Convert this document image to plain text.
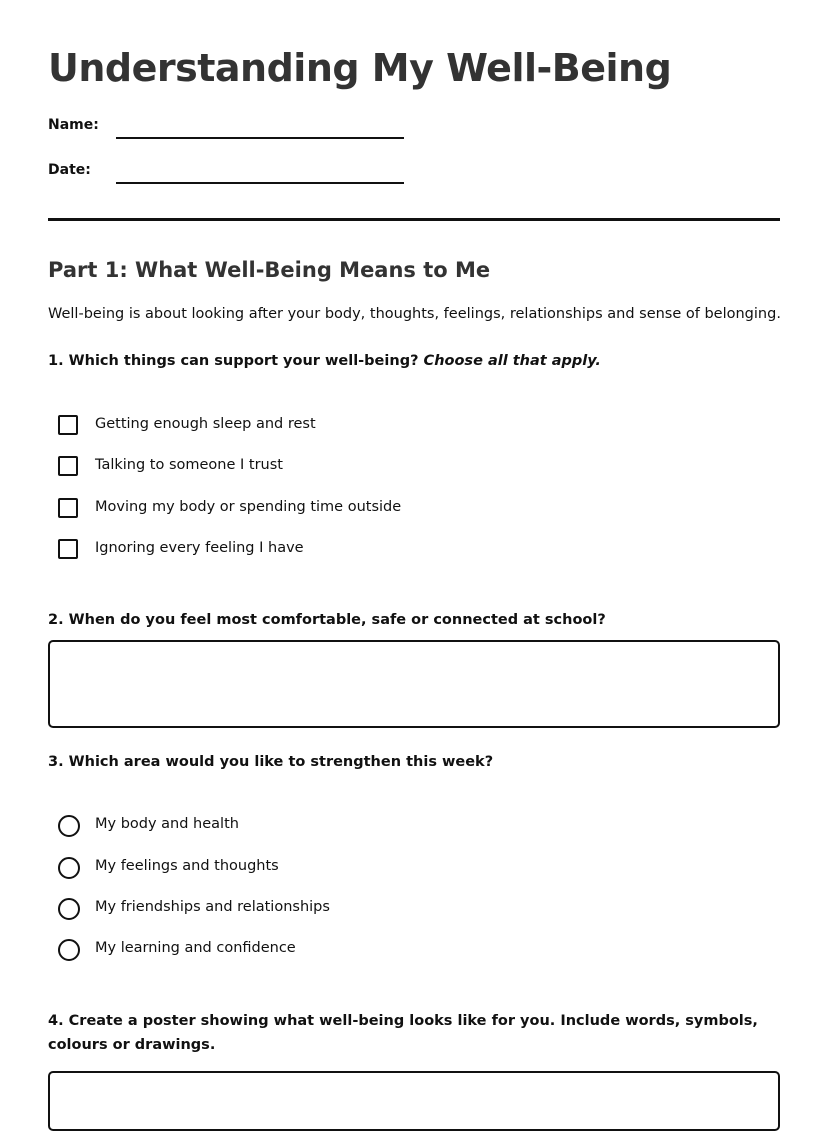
Understanding My Well-Being
Name:
Date:
Part 1: What Well-Being Means to Me
Well-being is about looking after your body, thoughts, feelings, relationships and sense of belonging.
1. Which things can support your well-being? Choose all that apply.
Getting enough sleep and rest
Talking to someone I trust
Moving my body or spending time outside
Ignoring every feeling I have
2. When do you feel most comfortable, safe or connected at school?
3. Which area would you like to strengthen this week?
My body and health
My feelings and thoughts
My friendships and relationships
My learning and confidence
4. Create a poster showing what well-being looks like for you. Include words, symbols, colours or drawings.
